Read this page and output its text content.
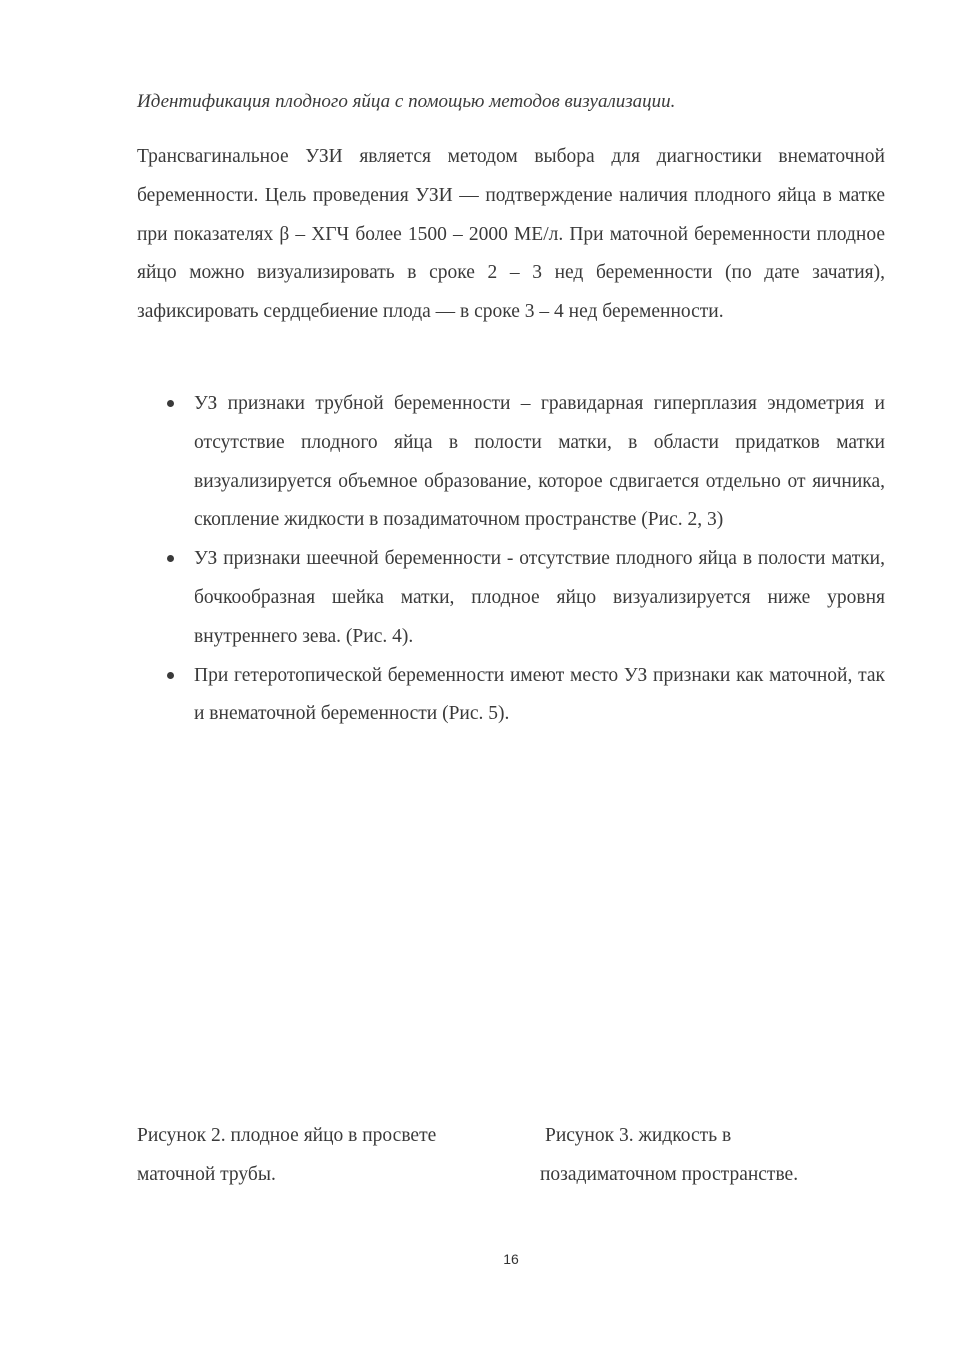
Идентификация плодного яйца с помощью методов визуализации.

Трансвагинальное УЗИ является методом выбора для диагностики внематочной беременности. Цель проведения УЗИ — подтверждение наличия плодного яйца в матке при показателях β – ХГЧ более 1500 – 2000 МЕ/л. При маточной беременности плодное яйцо можно визуализировать в сроке 2 – 3 нед беременности (по дате зачатия), зафиксировать сердцебиение плода — в сроке 3 – 4 нед беременности.

УЗ признаки трубной беременности – гравидарная гиперплазия эндометрия и отсутствие плодного яйца в полости матки, в области придатков матки визуализируется объемное образование, которое сдвигается отдельно от яичника, скопление жидкости в позадиматочном пространстве (Рис. 2, 3)
УЗ признаки шеечной беременности - отсутствие плодного яйца в полости матки, бочкообразная шейка матки, плодное яйцо визуализируется ниже уровня внутреннего зева. (Рис. 4).
При гетеротопической беременности имеют место УЗ признаки как маточной, так и внематочной беременности (Рис. 5).

Рисунок 2. плодное яйцо в просвете
маточной трубы.

Рисунок 3. жидкость в
позадиматочном пространстве.

16
